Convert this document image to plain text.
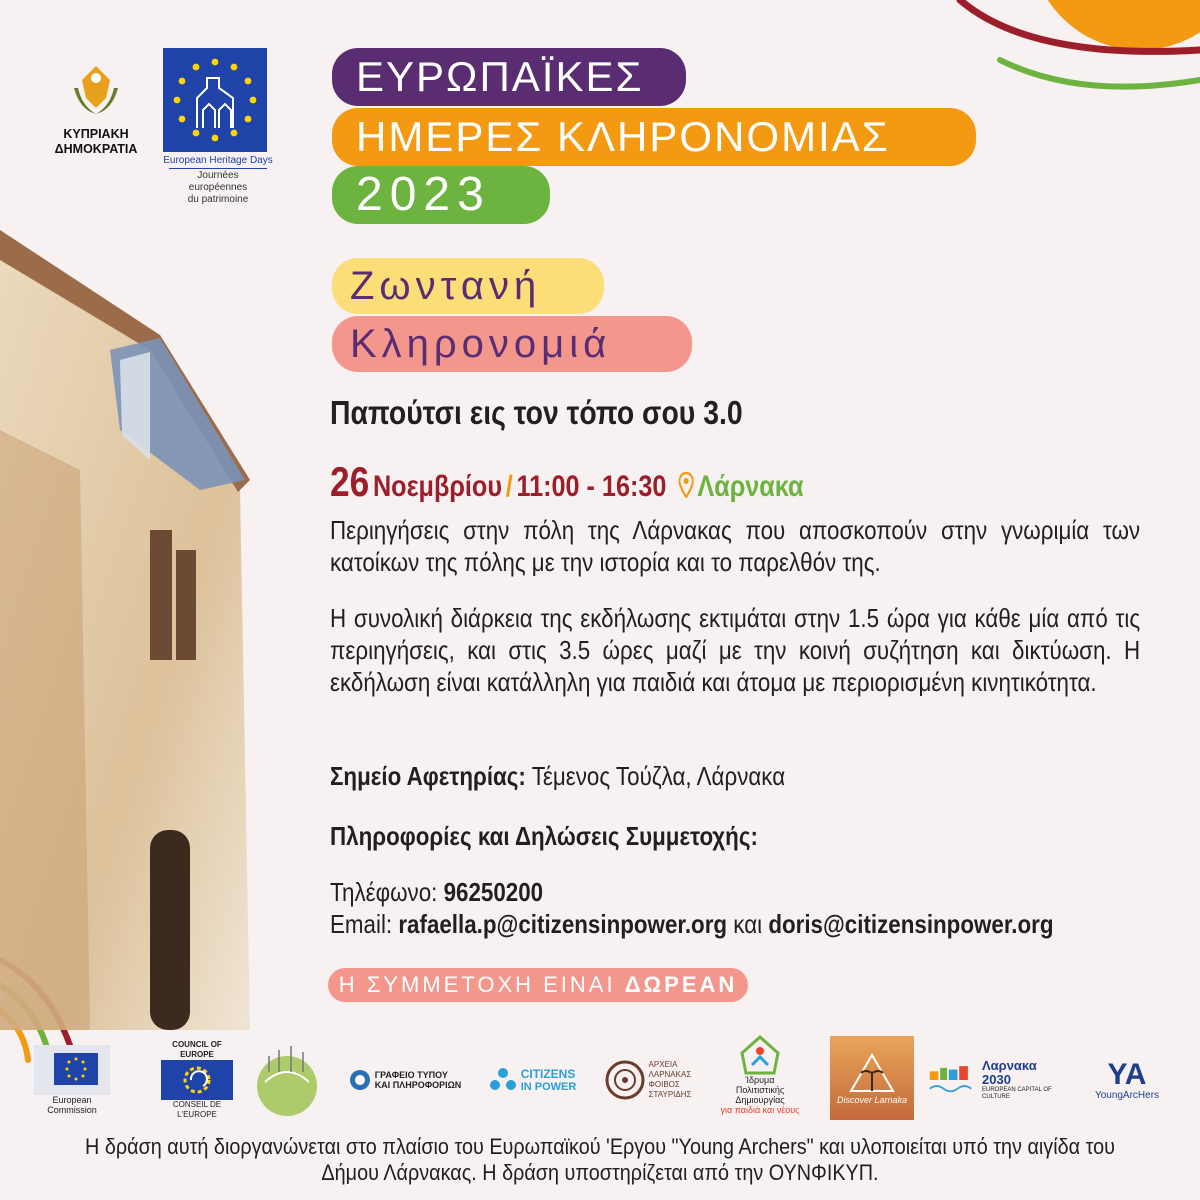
ΚΥΠΡΙΑΚΗ
ΔΗΜΟΚΡΑΤΙΑ
European Heritage Days
Journées européennes
du patrimoine
ΕΥΡΩΠΑΪΚΕΣ
ΗΜΕΡΕΣ ΚΛΗΡΟΝΟΜΙΑΣ
2023
Ζωντανή
Κληρονομιά
Παπούτσι εις τον τόπο σου 3.0
26 Νοεμβρίου / 11:00 - 16:30 Λάρνακα
Περιηγήσεις στην πόλη της Λάρνακας που αποσκοπούν στην γνωριμία των κατοίκων της πόλης με την ιστορία και το παρελθόν της.
Η συνολική διάρκεια της εκδήλωσης εκτιμάται στην 1.5 ώρα για κάθε μία από τις περιηγήσεις, και στις 3.5 ώρες μαζί με την κοινή συζήτηση και δικτύωση. Η εκδήλωση είναι κατάλληλη για παιδιά και άτομα με περιορισμένη κινητικότητα.
Σημείο Αφετηρίας: Τέμενος Τούζλα, Λάρνακα
Πληροφορίες και Δηλώσεις Συμμετοχής:
Τηλέφωνο: 96250200
Email: rafaella.p@citizensinpower.org και doris@citizensinpower.org
Η ΣΥΜΜΕΤΟΧΗ ΕΙΝΑΙ ΔΩΡΕΑΝ
European
Commission
COUNCIL OF EUROPE
CONSEIL DE L'EUROPE
ΓΡΑΦΕΙΟ ΤΥΠΟΥ
ΚΑΙ ΠΛΗΡΟΦΟΡΙΩΝ
CITIZENS
IN POWER
ΑΡΧΕΙΑ
ΛΑΡΝΑΚΑΣ
ΦΟΙΒΟΣ
ΣΤΑΥΡΙΔΗΣ
Ίδρυμα
Πολιτιστικής
Δημιουργίας
για παιδιά και νέους
Discover Larnaka
Λαρνακα
2030
EUROPEAN CAPITAL OF CULTURE
YA
YoungArcHers
Η δράση αυτή διοργανώνεται στο πλαίσιο του Ευρωπαϊκού 'Εργου "Young Archers" και υλοποιείται υπό την αιγίδα του Δήμου Λάρνακας. Η δράση υποστηρίζεται από την ΟΥΝΦΙΚΥΠ.
